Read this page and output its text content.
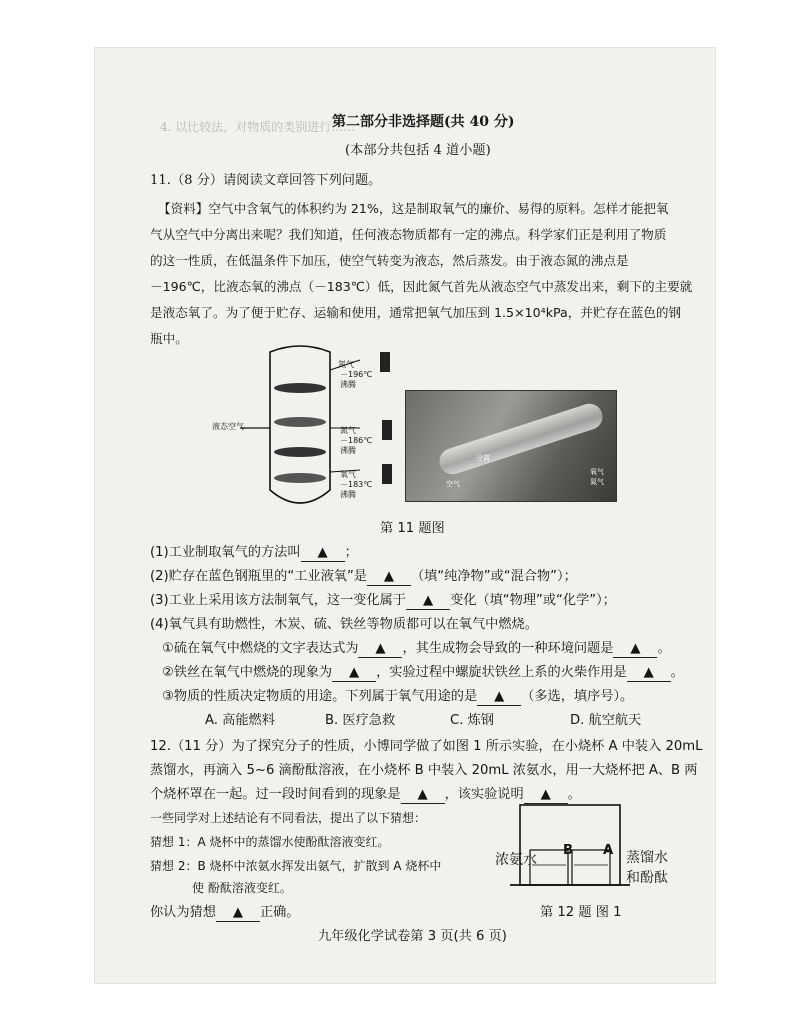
4. 以比较法，对物质的类别进行……
第二部分非选择题(共 40 分)
(本部分共包括 4 道小题)
11.（8 分）请阅读文章回答下列问题。
【资料】空气中含氧气的体积约为 21%，这是制取氧气的廉价、易得的原料。怎样才能把氧
气从空气中分离出来呢？我们知道，任何液态物质都有一定的沸点。科学家们正是利用了物质
的这一性质，在低温条件下加压，使空气转变为液态，然后蒸发。由于液态氮的沸点是
－196℃，比液态氧的沸点（－183℃）低，因此氮气首先从液态空气中蒸发出来，剩下的主要就
是液态氧了。为了便于贮存、运输和使用，通常把氧气加压到 1.5×10⁴kPa，并贮存在蓝色的钢
瓶中。
液态空气
氮气
－196℃
沸腾
氮气
－186℃
沸腾
氧气
－183℃
沸腾
分离
空气
氧气
氮气
第 11 题图
(1)工业制取氧气的方法叫 ▲ ；
(2)贮存在蓝色钢瓶里的“工业液氧”是 ▲ （填“纯净物”或“混合物”）；
(3)工业上采用该方法制氧气，这一变化属于 ▲ 变化（填“物理”或“化学”）；
(4)氧气具有助燃性，木炭、硫、铁丝等物质都可以在氧气中燃烧。
①硫在氧气中燃烧的文字表达式为 ▲ ，其生成物会导致的一种环境问题是 ▲ 。
②铁丝在氧气中燃烧的现象为 ▲ ，实验过程中螺旋状铁丝上系的火柴作用是 ▲ 。
③物质的性质决定物质的用途。下列属于氧气用途的是 ▲ （多选，填序号）。
A. 高能燃料	B. 医疗急救	C. 炼钢	D. 航空航天
12.（11 分）为了探究分子的性质，小博同学做了如图 1 所示实验，在小烧杯 A 中装入 20mL
蒸馏水，再滴入 5~6 滴酚酞溶液，在小烧杯 B 中装入 20mL 浓氨水，用一大烧杯把 A、B 两
个烧杯罩在一起。过一段时间看到的现象是 ▲ ，该实验说明 ▲ 。
一些同学对上述结论有不同看法，提出了以下猜想：
猜想 1：A 烧杯中的蒸馏水使酚酞溶液变红。
猜想 2：B 烧杯中浓氨水挥发出氨气，扩散到 A 烧杯中
使 酚酞溶液变红。
你认为猜想 ▲ 正确。
B A
浓氨水	蒸馏水
和酚酞
第 12 题 图 1
九年级化学试卷第 3 页(共 6 页)
